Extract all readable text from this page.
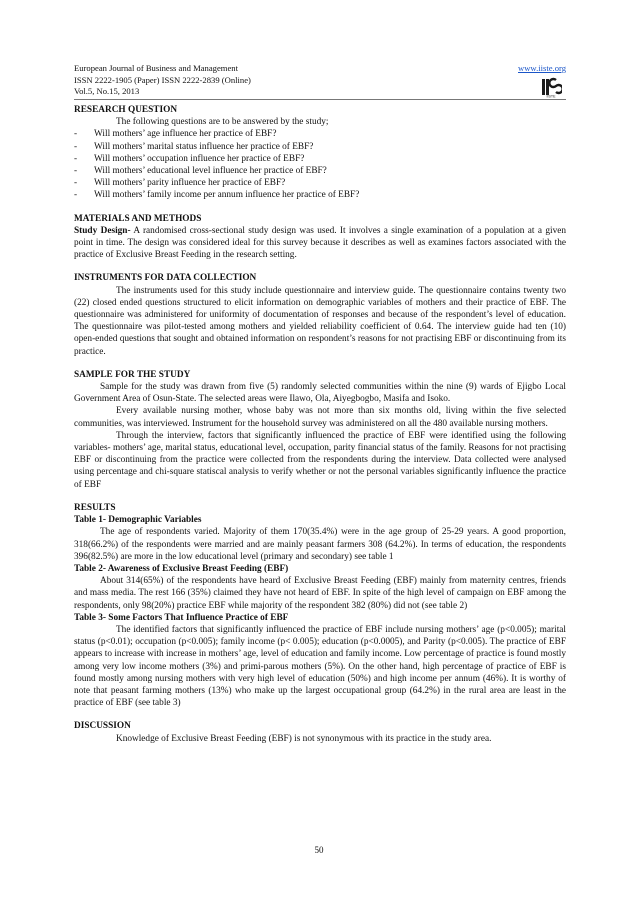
European Journal of Business and Management
ISSN 2222-1905 (Paper) ISSN 2222-2839 (Online)
Vol.5, No.15, 2013
www.iiste.org
IISTE
RESEARCH QUESTION

The following questions are to be answered by the study;

- Will mothers’ age influence her practice of EBF?
- Will mothers’ marital status influence her practice of EBF?
- Will mothers’ occupation influence her practice of EBF?
- Will mothers’ educational level influence her practice of EBF?
- Will mothers’ parity influence her practice of EBF?
- Will mothers’ family income per annum influence her practice of EBF?
MATERIALS AND METHODS

Study Design- A randomised cross-sectional study design was used. It involves a single examination of a population at a given point in time. The design was considered ideal for this survey because it describes as well as examines factors associated with the practice of Exclusive Breast Feeding in the research setting.

INSTRUMENTS FOR DATA COLLECTION

The instruments used for this study include questionnaire and interview guide. The questionnaire contains twenty two (22) closed ended questions structured to elicit information on demographic variables of mothers and their practice of EBF. The questionnaire was administered for uniformity of documentation of responses and because of the respondent’s level of education. The questionnaire was pilot-tested among mothers and yielded reliability coefficient of 0.64. The interview guide had ten (10) open-ended questions that sought and obtained information on respondent’s reasons for not practising EBF or discontinuing from its practice.

SAMPLE FOR THE STUDY

Sample for the study was drawn from five (5) randomly selected communities within the nine (9) wards of Ejigbo Local Government Area of Osun-State. The selected areas were Ilawo, Ola, Aiyegbogbo, Masifa and Isoko.

Every available nursing mother, whose baby was not more than six months old, living within the five selected communities, was interviewed. Instrument for the household survey was administered on all the 480 available nursing mothers.

Through the interview, factors that significantly influenced the practice of EBF were identified using the following variables- mothers’ age, marital status, educational level, occupation, parity financial status of the family. Reasons for not practising EBF or discontinuing from the practice were collected from the respondents during the interview. Data collected were analysed using percentage and chi-square statiscal analysis to verify whether or not the personal variables significantly influence the practice of EBF

RESULTS
Table 1- Demographic Variables

The age of respondents varied. Majority of them 170(35.4%) were in the age group of 25-29 years. A good proportion, 318(66.2%) of the respondents were married and are mainly peasant farmers 308 (64.2%). In terms of education, the respondents 396(82.5%) are more in the low educational level (primary and secondary) see table 1

Table 2- Awareness of Exclusive Breast Feeding (EBF)

About 314(65%) of the respondents have heard of Exclusive Breast Feeding (EBF) mainly from maternity centres, friends and mass media. The rest 166 (35%) claimed they have not heard of EBF. In spite of the high level of campaign on EBF among the respondents, only 98(20%) practice EBF while majority of the respondent 382 (80%) did not (see table 2)

Table 3- Some Factors That Influence Practice of EBF

The identified factors that significantly influenced the practice of EBF include nursing mothers’ age (p<0.005); marital status (p<0.01); occupation (p<0.005); family income (p< 0.005); education (p<0.0005), and Parity (p<0.005). The practice of EBF appears to increase with increase in mothers’ age, level of education and family income. Low percentage of practice is found mostly among very low income mothers (3%) and primi-parous mothers (5%). On the other hand, high percentage of practice of EBF is found mostly among nursing mothers with very high level of education (50%) and high income per annum (46%). It is worthy of note that peasant farming mothers (13%) who make up the largest occupational group (64.2%) in the rural area are least in the practice of EBF (see table 3)

DISCUSSION

Knowledge of Exclusive Breast Feeding (EBF) is not synonymous with its practice in the study area.

50
